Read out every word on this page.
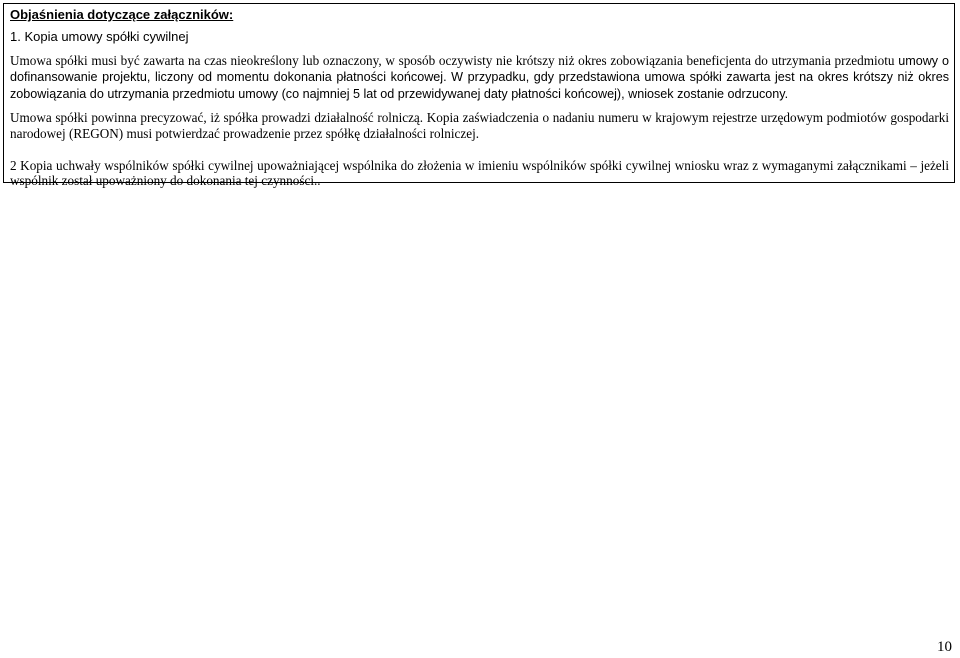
Objaśnienia dotyczące załączników:
1. Kopia umowy spółki cywilnej

Umowa spółki musi być zawarta na czas nieokreślony lub oznaczony, w sposób oczywisty nie krótszy niż okres zobowiązania beneficjenta do utrzymania przedmiotu umowy o dofinansowanie projektu, liczony od momentu dokonania płatności końcowej. W przypadku, gdy przedstawiona umowa spółki zawarta jest na okres krótszy niż okres zobowiązania do utrzymania przedmiotu umowy (co najmniej 5 lat od przewidywanej daty płatności końcowej), wniosek zostanie odrzucony.

Umowa spółki powinna precyzować, iż spółka prowadzi działalność rolniczą. Kopia zaświadczenia o nadaniu numeru w krajowym rejestrze urzędowym podmiotów gospodarki narodowej (REGON) musi potwierdzać prowadzenie przez spółkę działalności rolniczej.

2 Kopia uchwały wspólników spółki cywilnej upoważniającej wspólnika do złożenia w imieniu wspólników spółki cywilnej wniosku wraz z wymaganymi załącznikami – jeżeli wspólnik został upoważniony do dokonania tej czynności..

10
